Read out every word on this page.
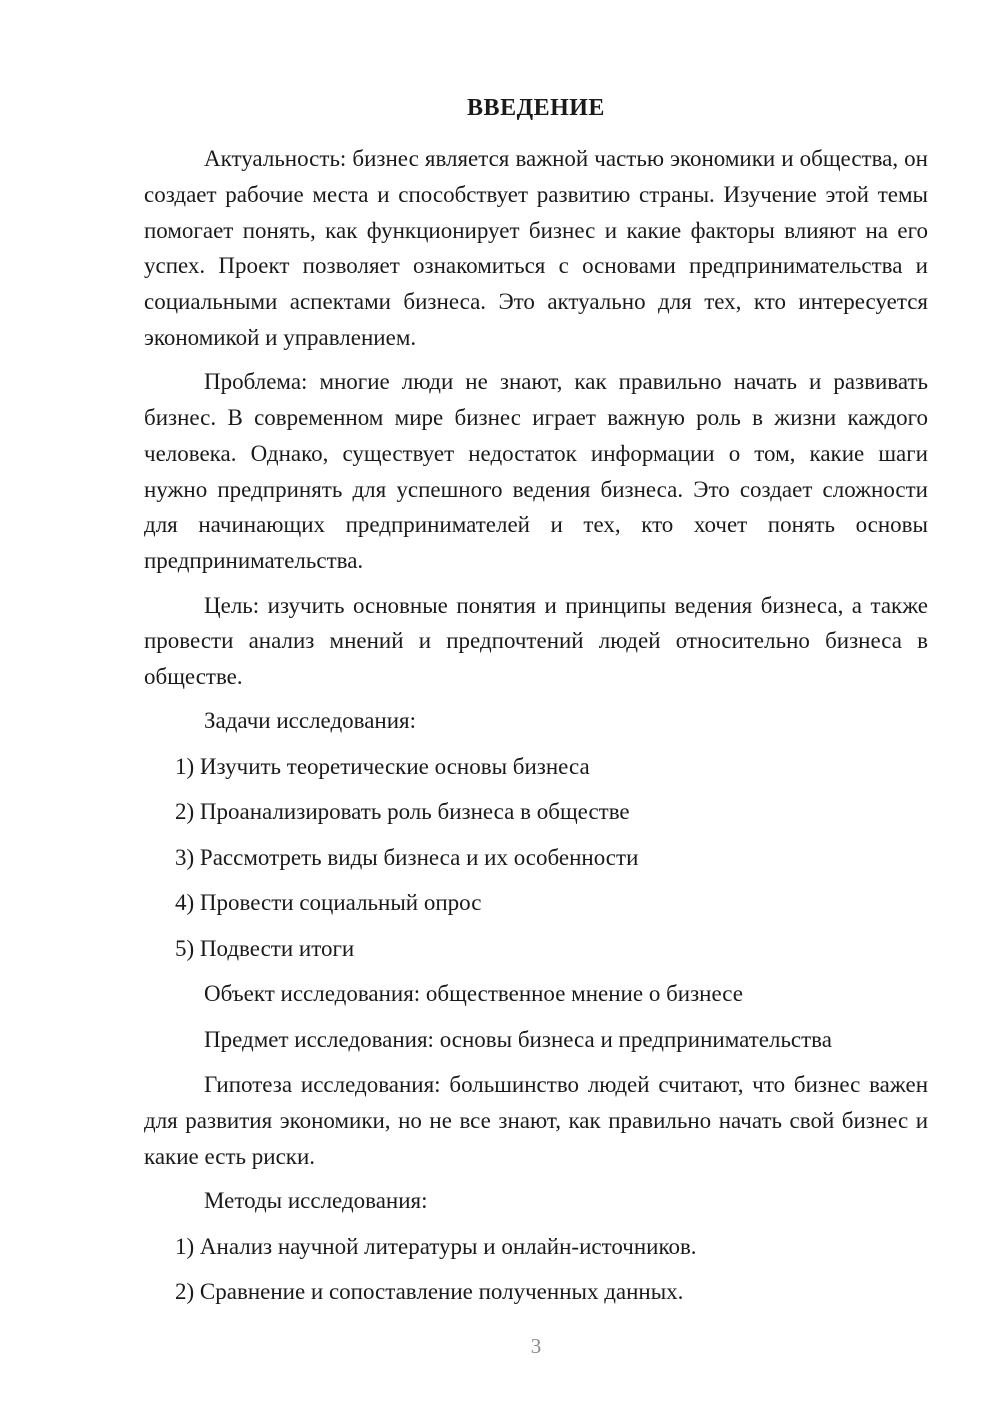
ВВЕДЕНИЕ

Актуальность: бизнес является важной частью экономики и общества, он создает рабочие места и способствует развитию страны. Изучение этой темы помогает понять, как функционирует бизнес и какие факторы влияют на его успех. Проект позволяет ознакомиться с основами предпринимательства и социальными аспектами бизнеса. Это актуально для тех, кто интересуется экономикой и управлением.

Проблема: многие люди не знают, как правильно начать и развивать бизнес. В современном мире бизнес играет важную роль в жизни каждого человека. Однако, существует недостаток информации о том, какие шаги нужно предпринять для успешного ведения бизнеса. Это создает сложности для начинающих предпринимателей и тех, кто хочет понять основы предпринимательства.

Цель: изучить основные понятия и принципы ведения бизнеса, а также провести анализ мнений и предпочтений людей относительно бизнеса в обществе.

Задачи исследования:
1) Изучить теоретические основы бизнеса
2) Проанализировать роль бизнеса в обществе
3) Рассмотреть виды бизнеса и их особенности
4) Провести социальный опрос
5) Подвести итоги
Объект исследования: общественное мнение о бизнесе
Предмет исследования: основы бизнеса и предпринимательства

Гипотеза исследования: большинство людей считают, что бизнес важен для развития экономики, но не все знают, как правильно начать свой бизнес и какие есть риски.

Методы исследования:
1) Анализ научной литературы и онлайн-источников.
2) Сравнение и сопоставление полученных данных.
3
